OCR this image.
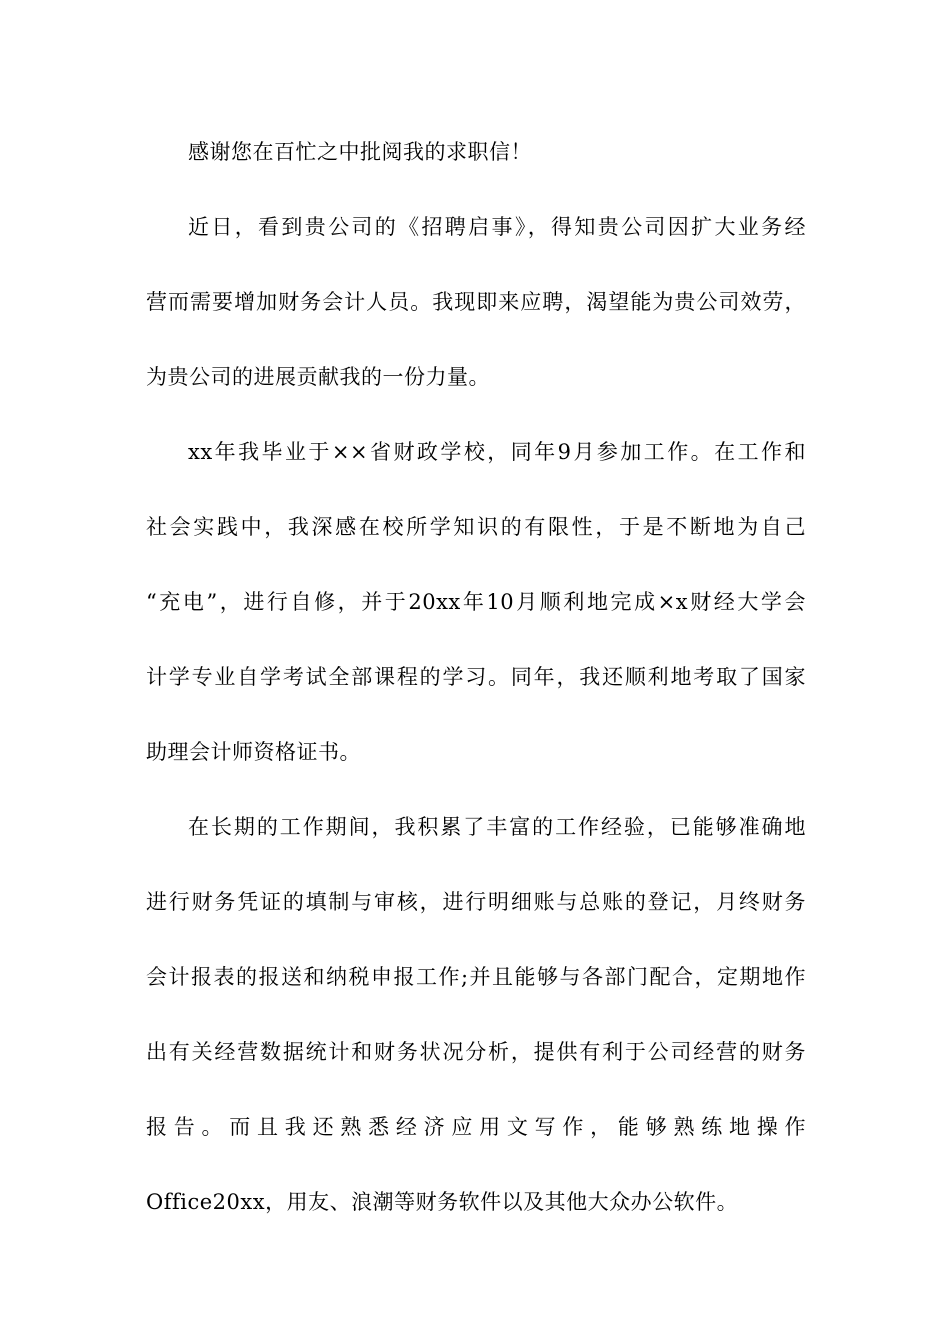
感谢您在百忙之中批阅我的求职信！
近日，看到贵公司的《招聘启事》，得知贵公司因扩大业务经
营而需要增加财务会计人员。我现即来应聘，渴望能为贵公司效劳，
为贵公司的进展贡献我的一份力量。
xx年我毕业于××省财政学校，同年9月参加工作。在工作和
社会实践中，我深感在校所学知识的有限性，于是不断地为自己
“充电”，进行自修，并于20xx年10月顺利地完成×x财经大学会
计学专业自学考试全部课程的学习。同年，我还顺利地考取了国家
助理会计师资格证书。
在长期的工作期间，我积累了丰富的工作经验，已能够准确地
进行财务凭证的填制与审核，进行明细账与总账的登记，月终财务
会计报表的报送和纳税申报工作;并且能够与各部门配合，定期地作
出有关经营数据统计和财务状况分析，提供有利于公司经营的财务
报告。而且我还熟悉经济应用文写作，能够熟练地操作
Office20xx，用友、浪潮等财务软件以及其他大众办公软件。
